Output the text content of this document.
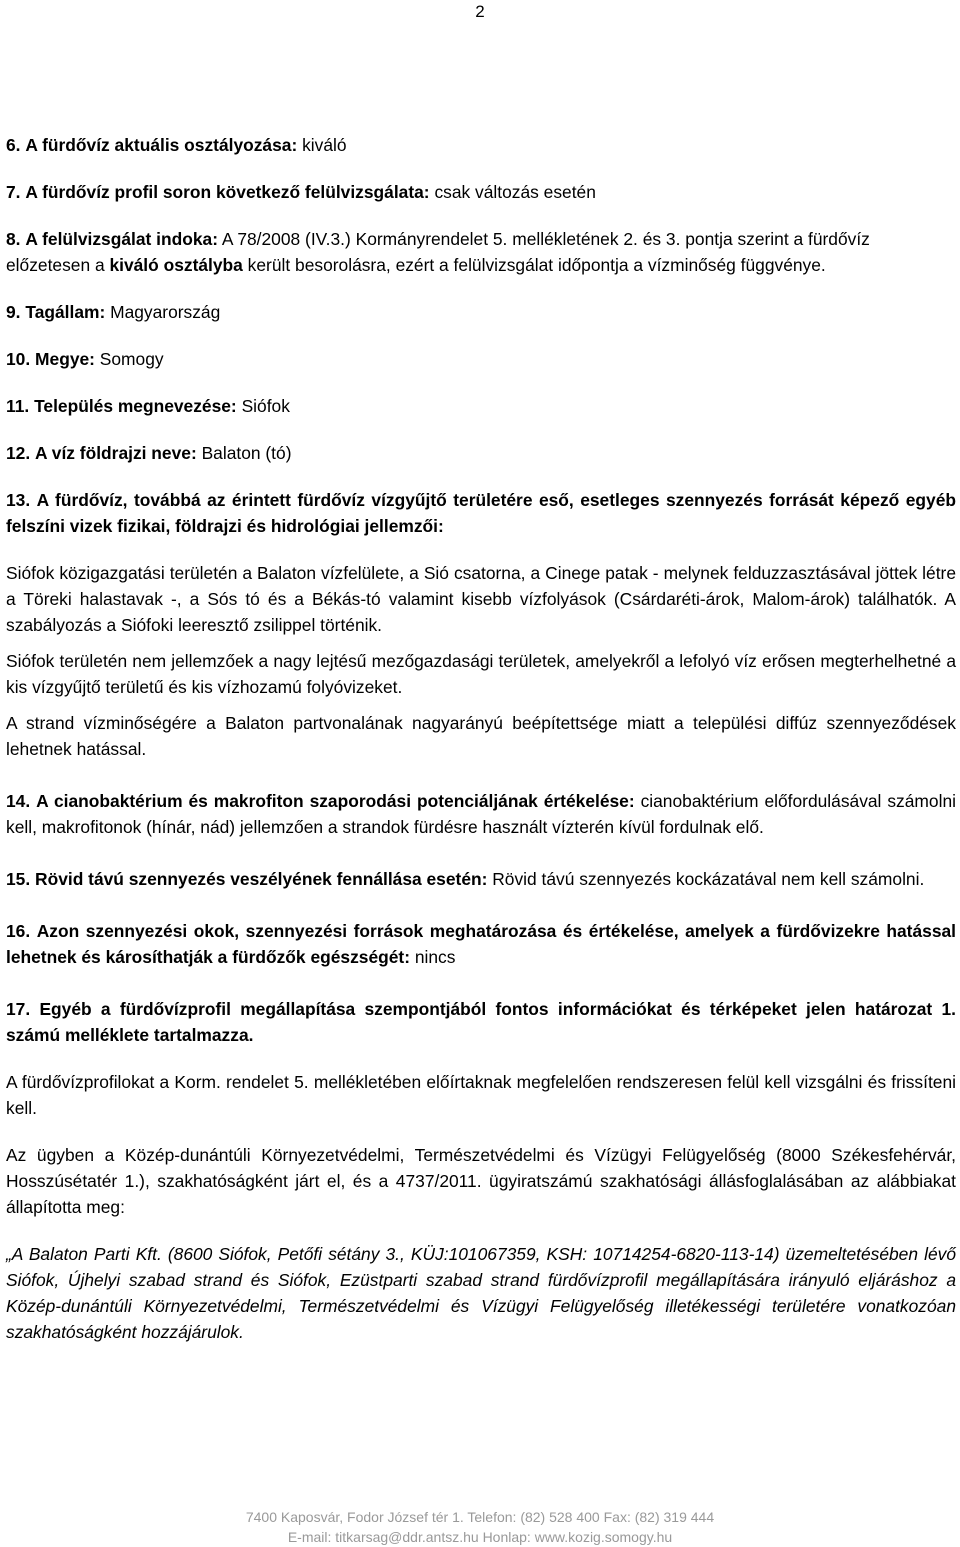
2

6. A fürdővíz aktuális osztályozása: kiváló

7. A fürdővíz profil soron következő felülvizsgálata: csak változás esetén

8. A felülvizsgálat indoka: A 78/2008 (IV.3.) Kormányrendelet 5. mellékletének 2. és 3. pontja szerint a fürdővíz előzetesen a kiváló osztályba került besorolásra, ezért a felülvizsgálat időpontja a vízminőség függvénye.

9. Tagállam: Magyarország

10. Megye: Somogy

11. Település megnevezése: Siófok

12. A víz földrajzi neve: Balaton (tó)

13. A fürdővíz, továbbá az érintett fürdővíz vízgyűjtő területére eső, esetleges szennyezés forrását képező egyéb felszíni vizek fizikai, földrajzi és hidrológiai jellemzői:

Siófok közigazgatási területén a Balaton vízfelülete, a Sió csatorna, a Cinege patak - melynek felduzzasztásával jöttek létre a Töreki halastavak -, a Sós tó és a Békás-tó valamint kisebb vízfolyások (Csárdaréti-árok, Malom-árok) találhatók. A szabályozás a Siófoki leeresztő zsilippel történik.

Siófok területén nem jellemzőek a nagy lejtésű mezőgazdasági területek, amelyekről a lefolyó víz erősen megterhelhetné a kis vízgyűjtő területű és kis vízhozamú folyóvizeket.

A strand vízminőségére a Balaton partvonalának nagyarányú beépítettsége miatt a települési diffúz szennyeződések lehetnek hatással.

14. A cianobaktérium és makrofiton szaporodási potenciáljának értékelése: cianobaktérium előfordulásával számolni kell, makrofitonok (hínár, nád) jellemzően a strandok fürdésre használt vízterén kívül fordulnak elő.

15. Rövid távú szennyezés veszélyének fennállása esetén: Rövid távú szennyezés kockázatával nem kell számolni.

16. Azon szennyezési okok, szennyezési források meghatározása és értékelése, amelyek a fürdővizekre hatással lehetnek és károsíthatják a fürdőzők egészségét: nincs

17. Egyéb a fürdővízprofil megállapítása szempontjából fontos információkat és térképeket jelen határozat 1. számú melléklete tartalmazza.

A fürdővízprofilokat a Korm. rendelet 5. mellékletében előírtaknak megfelelően rendszeresen felül kell vizsgálni és frissíteni kell.

Az ügyben a Közép-dunántúli Környezetvédelmi, Természetvédelmi és Vízügyi Felügyelőség (8000 Székesfehérvár, Hosszúsétatér 1.), szakhatóságként járt el, és a 4737/2011. ügyiratszámú szakhatósági állásfoglalásában az alábbiakat állapította meg:

„A Balaton Parti Kft. (8600 Siófok, Petőfi sétány 3., KÜJ:101067359, KSH: 10714254-6820-113-14) üzemeltetésében lévő Siófok, Újhelyi szabad strand és Siófok, Ezüstparti szabad strand fürdővízprofil megállapítására irányuló eljáráshoz a Közép-dunántúli Környezetvédelmi, Természetvédelmi és Vízügyi Felügyelőség illetékességi területére vonatkozóan szakhatóságként hozzájárulok.

7400 Kaposvár, Fodor József tér 1. Telefon: (82) 528 400 Fax: (82) 319 444
E-mail: titkarsag@ddr.antsz.hu Honlap: www.kozig.somogy.hu
